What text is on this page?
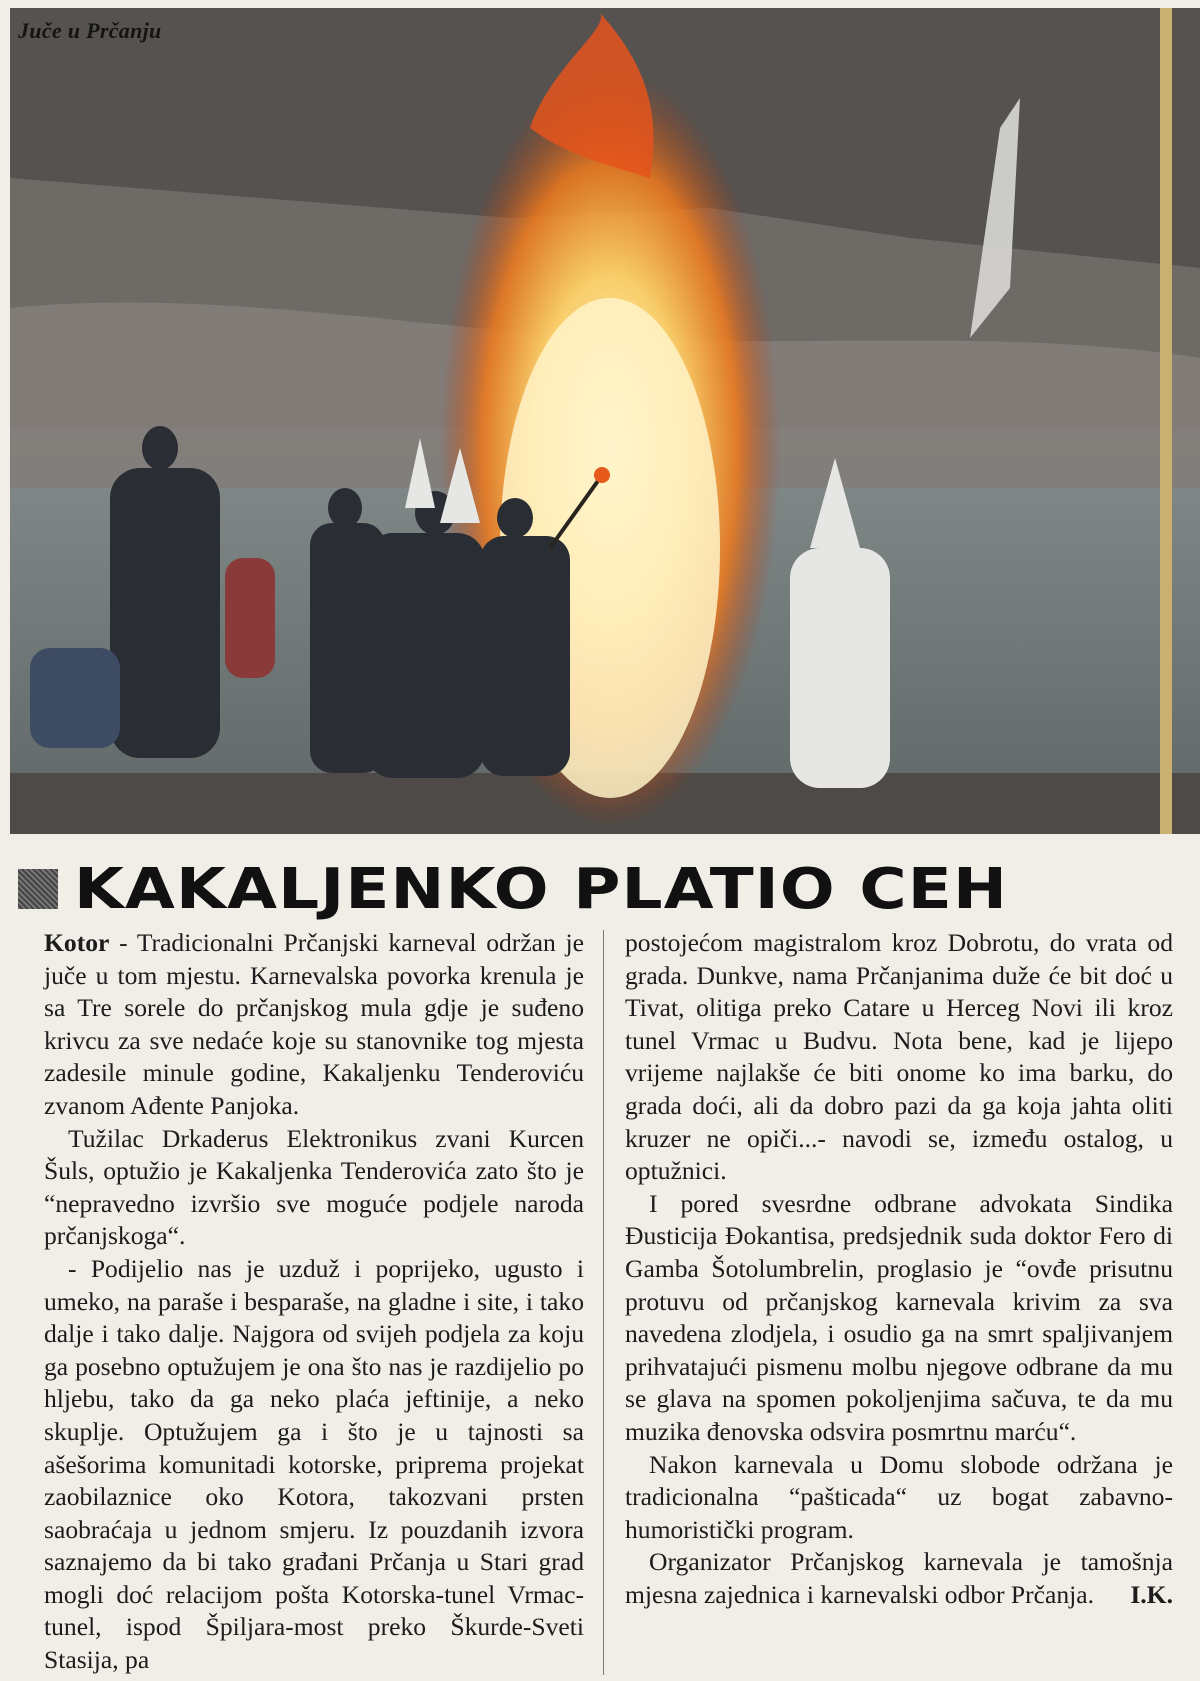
Juče u Prčanju
KAKALJENKO PLATIO CEH

Kotor - Tradicionalni Prčanjski karneval održan je juče u tom mjestu. Karnevalska povorka krenula je sa Tre sorele do prčanjskog mula gdje je suđeno krivcu za sve nedaće koje su stanovnike tog mjesta zadesile minule godine, Kakaljenku Tenderoviću zvanom Ađente Panjoka.

Tužilac Drkaderus Elektronikus zvani Kurcen Šuls, optužio je Kakaljenka Tenderovića zato što je “nepravedno izvršio sve moguće podjele naroda prčanjskoga“.

- Podijelio nas je uzduž i poprijeko, ugusto i umeko, na paraše i besparaše, na gladne i site, i tako dalje i tako dalje. Najgora od svijeh podjela za koju ga posebno optužujem je ona što nas je razdijelio po hljebu, tako da ga neko plaća jeftinije, a neko skuplje. Optužujem ga i što je u tajnosti sa ašešorima komunitadi kotorske, priprema projekat zaobilaznice oko Kotora, takozvani prsten saobraćaja u jednom smjeru. Iz pouzdanih izvora saznajemo da bi tako građani Prčanja u Stari grad mogli doć relacijom pošta Kotorska-tunel Vrmac-tunel, ispod Špiljara-most preko Škurde-Sveti Stasija, pa

postojećom magistralom kroz Dobrotu, do vrata od grada. Dunkve, nama Prčanjanima duže će bit doć u Tivat, olitiga preko Catare u Herceg Novi ili kroz tunel Vrmac u Budvu. Nota bene, kad je lijepo vrijeme najlakše će biti onome ko ima barku, do grada doći, ali da dobro pazi da ga koja jahta oliti kruzer ne opiči...- navodi se, između ostalog, u optužnici.

I pored svesrdne odbrane advokata Sindika Đusticija Đokantisa, predsjednik suda doktor Fero di Gamba Šotolumbrelin, proglasio je “ovđe prisutnu protuvu od prčanjskog karnevala krivim za sva navedena zlodjela, i osudio ga na smrt spaljivanjem prihvatajući pismenu molbu njegove odbrane da mu se glava na spomen pokoljenjima sačuva, te da mu muzika đenovska odsvira posmrtnu marću“.

Nakon karnevala u Domu slobode održana je tradicionalna “pašticada“ uz bogat zabavno-humoristički program.

Organizator Prčanjskog karnevala je tamošnja mjesna zajednica i karnevalski odbor Prčanja.	I.K.
